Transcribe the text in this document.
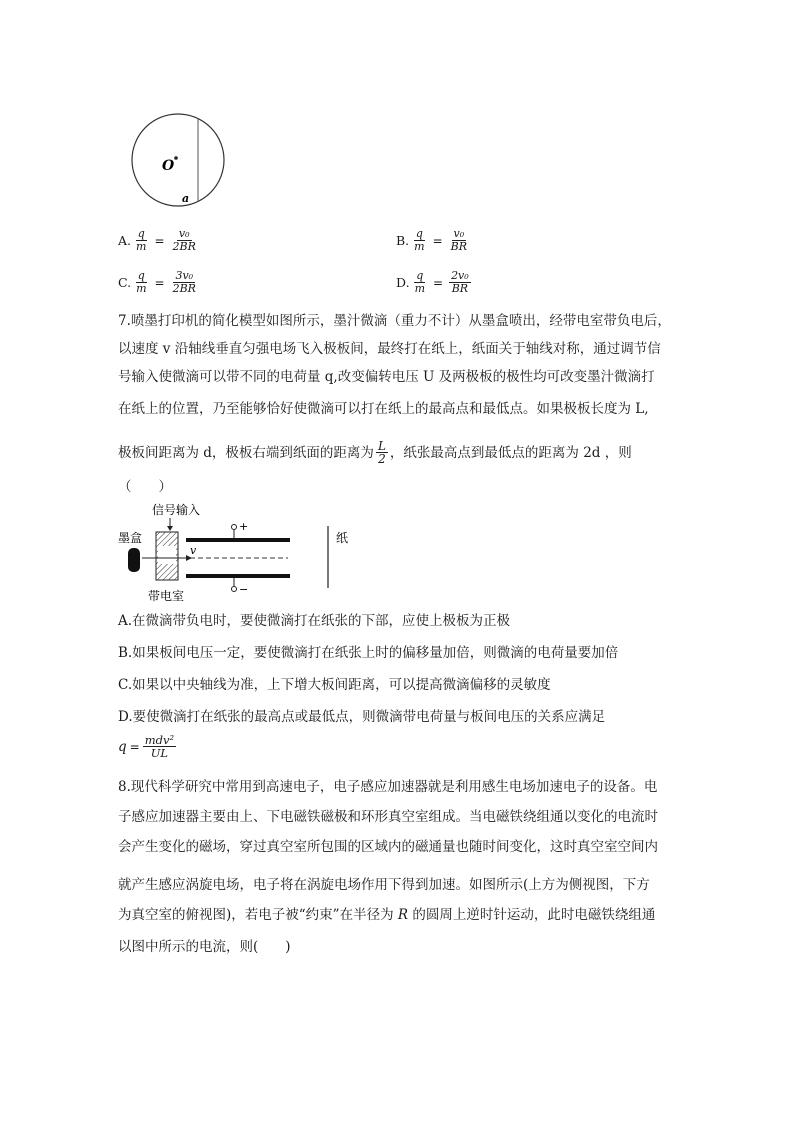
O
a
A. $\frac{q}{m} = \frac{\text{v₀}}{2BR}$	B. $\frac{q}{m} = \frac{\text{v₀}}{BR}$
C. $\frac{q}{m} = \frac{\text{3v₀}}{2BR}$	D. $\frac{q}{m} = \frac{\text{2v₀}}{BR}$
7.喷墨打印机的简化模型如图所示，墨汁微滴（重力不计）从墨盒喷出，经带电室带负电后，
以速度 v 沿轴线垂直匀强电场飞入极板间，最终打在纸上，纸面关于轴线对称，通过调节信
号输入使微滴可以带不同的电荷量 q,改变偏转电压 U 及两极板的极性均可改变墨汁微滴打
在纸上的位置，乃至能够恰好使微滴可以打在纸上的最高点和最低点。如果极板长度为 L,
极板间距离为 d，极板右端到纸面的距离为 $\frac{L}{2}$ ，纸张最高点到最低点的距离为 2d ，则
（　　）
信号输入
墨盒
v
+
−
纸
带电室
A.在微滴带负电时，要使微滴打在纸张的下部，应使上极板为正极
B.如果板间电压一定，要使微滴打在纸张上时的偏移量加倍，则微滴的电荷量要加倍
C.如果以中央轴线为准，上下增大板间距离，可以提高微滴偏移的灵敏度
D.要使微滴打在纸张的最高点或最低点，则微滴带电荷量与板间电压的关系应满足
$q = \frac{\text{mdv²}}{UL}$
8.现代科学研究中常用到高速电子，电子感应加速器就是利用感生电场加速电子的设备。电
子感应加速器主要由上、下电磁铁磁极和环形真空室组成。当电磁铁绕组通以变化的电流时
会产生变化的磁场，穿过真空室所包围的区域内的磁通量也随时间变化，这时真空室空间内
就产生感应涡旋电场，电子将在涡旋电场作用下得到加速。如图所示(上方为侧视图，下方
为真空室的俯视图)，若电子被“约束”在半径为 R 的圆周上逆时针运动，此时电磁铁绕组通
以图中所示的电流，则(　　)
